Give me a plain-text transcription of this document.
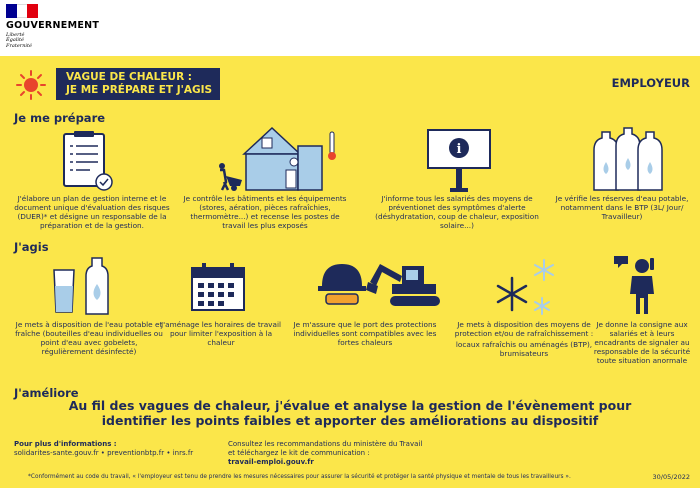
GOUVERNEMENT
Liberté
Égalité
Fraternité
VAGUE DE CHALEUR :
JE ME PRÉPARE ET J'AGIS	EMPLOYEUR
Je me prépare
J'élabore un plan de gestion interne et le document unique d'évaluation des risques (DUER)* et désigne un responsable de la préparation et de la gestion.
Je contrôle les bâtiments et les équipements (stores, aération, pièces rafraîchies, thermomètre...) et recense les postes de travail les plus exposés
i
J'informe tous les salariés des moyens de préventionet des symptômes d'alerte (déshydratation, coup de chaleur, exposition solaire...)
Je vérifie les réserves d'eau potable, notamment dans le BTP (3L/ Jour/ Travailleur)
J'agis
Je mets à disposition de l'eau potable et fraîche (bouteilles d'eau individuelles ou point d'eau avec gobelets, régulièrement désinfecté)
J'aménage les horaires de travail pour limiter l'exposition à la chaleur
Je m'assure que le port des protections individuelles sont compatibles avec les fortes chaleurs
Je mets à disposition des moyens de protection et/ou de rafraîchissement :
locaux rafraîchis ou aménagés (BTP), brumisateurs
Je donne la consigne aux salariés et à leurs encadrants de signaler au responsable de la sécurité toute situation anormale
J'améliore
Au fil des vagues de chaleur, j'évalue et analyse la gestion de l'évènement pour identifier les points faibles et apporter des améliorations au dispositif
Pour plus d'informations :
solidarites-sante.gouv.fr • preventionbtp.fr • inrs.fr
Consultez les recommandations du ministère du Travail
et téléchargez le kit de communication :
travail-emploi.gouv.fr
*Conformément au code du travail, « l'employeur est tenu de prendre les mesures nécessaires pour assurer la sécurité et protéger la santé physique et mentale de tous les travailleurs ».	30/05/2022
